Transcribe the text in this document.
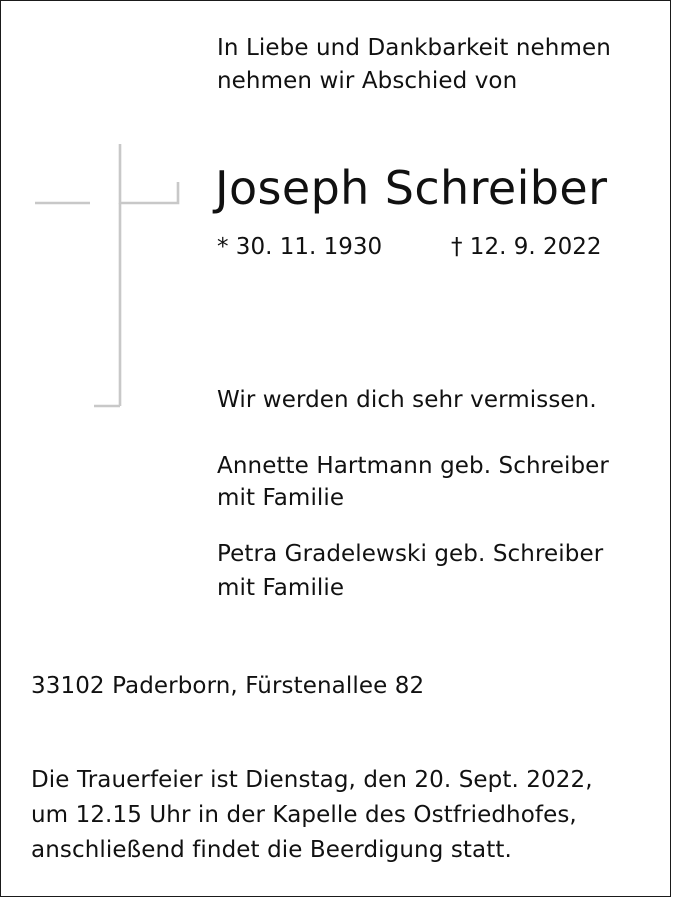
In Liebe und Dankbarkeit nehmen
nehmen wir Abschied von
Joseph Schreiber
* 30. 11. 1930	† 12. 9. 2022
Wir werden dich sehr vermissen.
Annette Hartmann geb. Schreiber
mit Familie
Petra Gradelewski geb. Schreiber
mit Familie
33102 Paderborn, Fürstenallee 82
Die Trauerfeier ist Dienstag, den 20. Sept. 2022,
um 12.15 Uhr in der Kapelle des Ostfriedhofes,
anschließend findet die Beerdigung statt.
